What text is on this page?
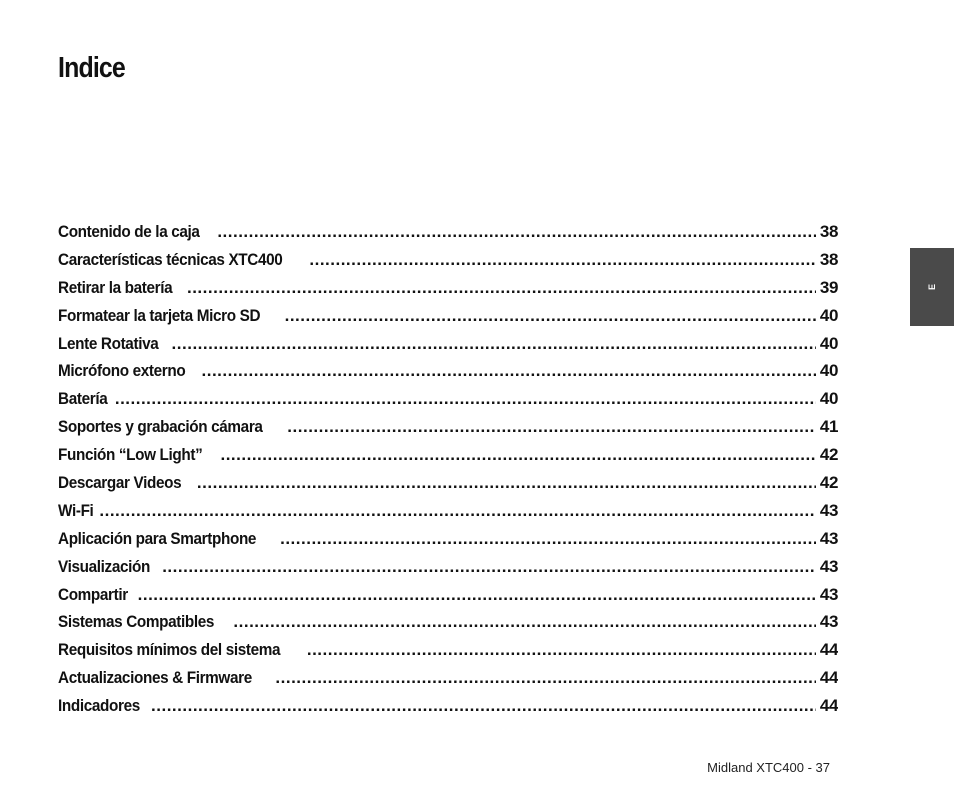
Indice
Contenido de la caja .....	38
Características técnicas XTC400 .....	38
Retirar la batería .....	39
Formatear la tarjeta Micro SD .....	40
Lente Rotativa .....	40
Micrófono externo .....	40
Batería .....	40
Soportes y grabación cámara .....	41
Función “Low Light” .....	42
Descargar Videos .....	42
Wi-Fi .....	43
Aplicación para Smartphone .....	43
Visualización .....	43
Compartir .....	43
Sistemas Compatibles .....	43
Requisitos mínimos del sistema .....	44
Actualizaciones & Firmware .....	44
Indicadores .....	44
E
Midland XTC400 - 37
